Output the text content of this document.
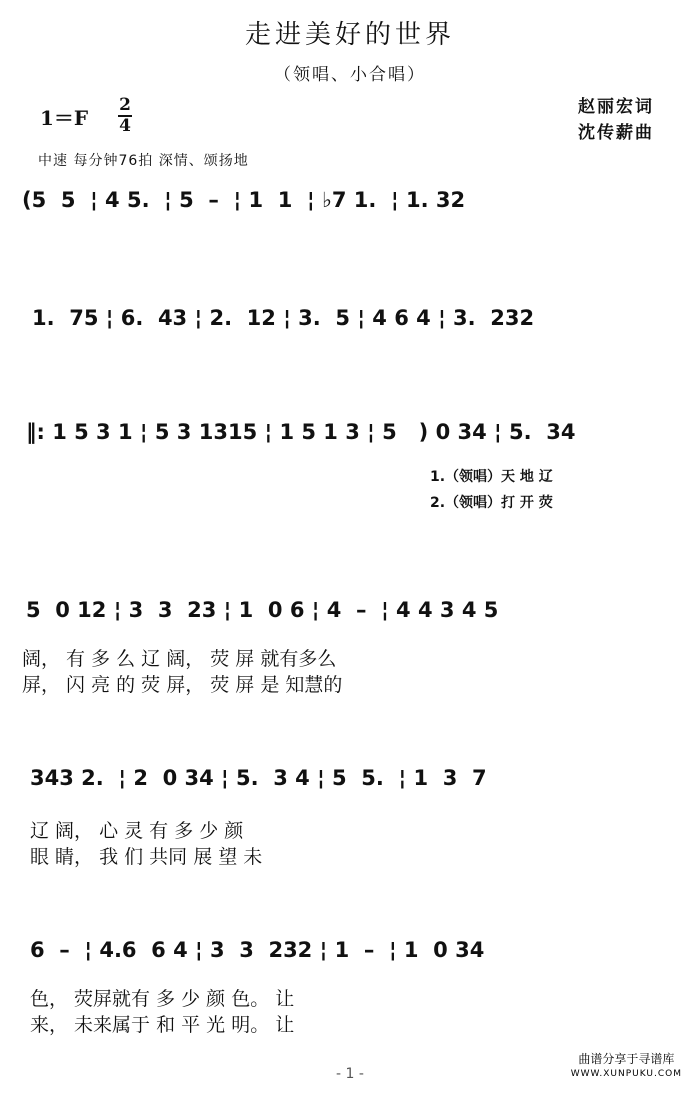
走进美好的世界
（领唱、小合唱）
1＝F
2
4
赵丽宏词
沈传薪曲
中速 每分钟76拍 深情、颂扬地
(5  5  ¦ 4 5.  ¦ 5  –  ¦ 1  1  ¦ ♭7 1.  ¦ 1. 32
1.  75 ¦ 6.  43 ¦ 2.  12 ¦ 3.  5 ¦ 4 6 4 ¦ 3.  232
‖: 1 5 3 1 ¦ 5 3 1315 ¦ 1 5 1 3 ¦ 5   ) 0 34 ¦ 5.  34
1.（领唱）天 地 辽
2.（领唱）打 开 荧
5  0 12 ¦ 3  3  23 ¦ 1  0 6 ¦ 4  –  ¦ 4 4 3 4 5
阔， 有 多 么 辽 阔， 荧 屏 就有多么
屏， 闪 亮 的 荧 屏， 荧 屏 是 知慧的
343 2.  ¦ 2  0 34 ¦ 5.  3 4 ¦ 5  5.  ¦ 1  3  7
辽 阔， 心 灵 有 多 少 颜
眼 睛， 我 们 共同 展 望 未
6  –  ¦ 4.6  6 4 ¦ 3  3  232 ¦ 1  –  ¦ 1  0 34
色， 荧屏就有 多 少 颜 色。 让
来， 未来属于 和 平 光 明。 让
- 1 -
曲谱分享于寻谱库
WWW.XUNPUKU.COM
